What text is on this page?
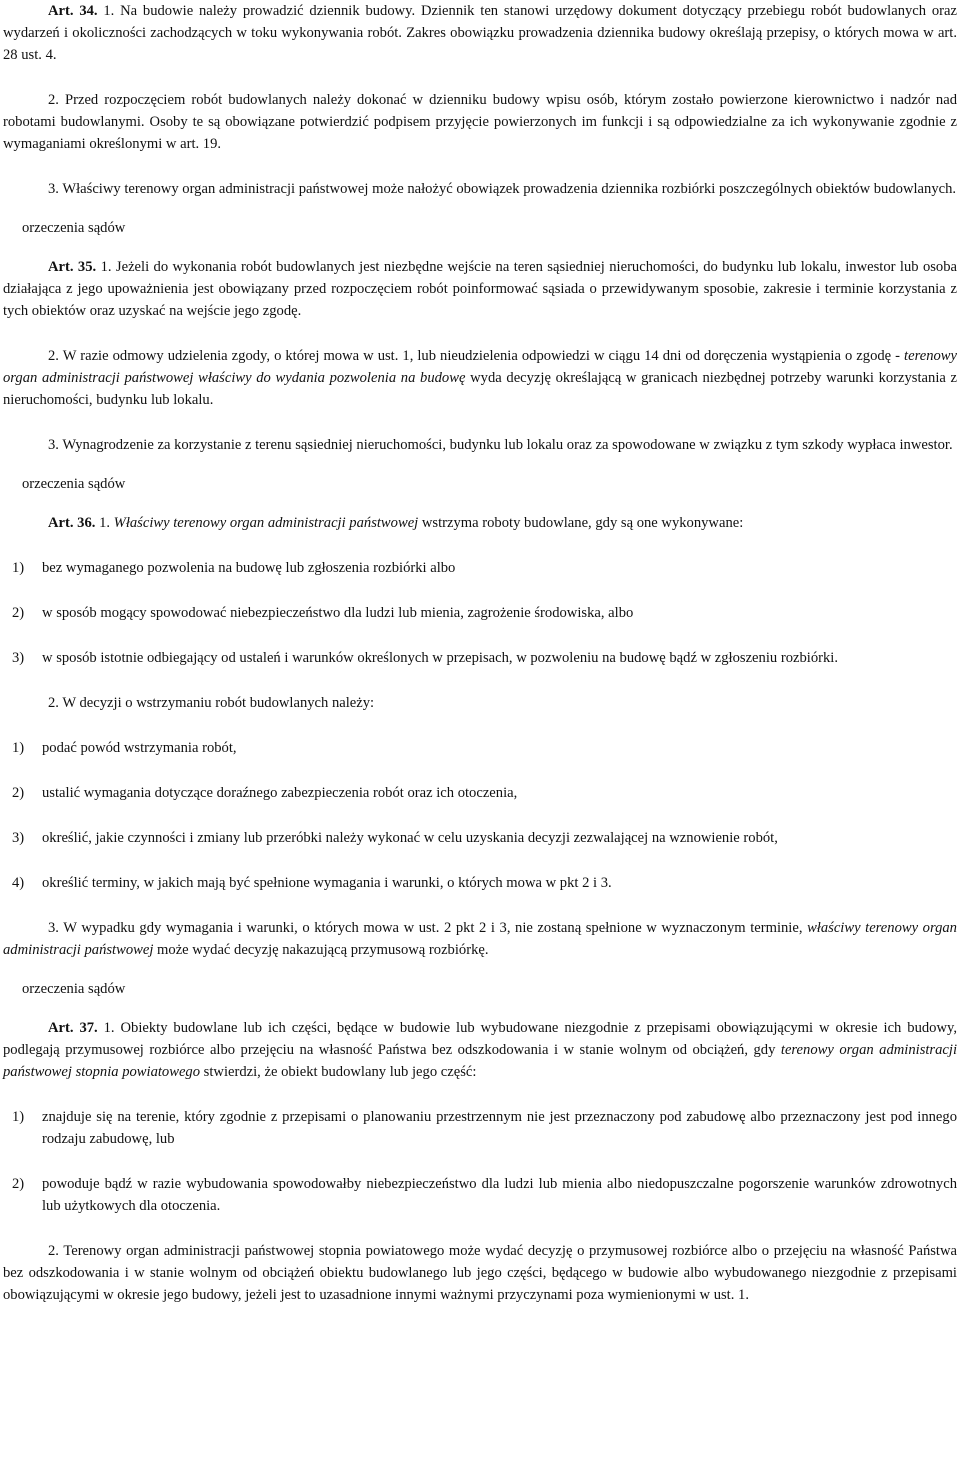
Art. 34. 1. Na budowie należy prowadzić dziennik budowy. Dziennik ten stanowi urzędowy dokument dotyczący przebiegu robót budowlanych oraz wydarzeń i okoliczności zachodzących w toku wykonywania robót. Zakres obowiązku prowadzenia dziennika budowy określają przepisy, o których mowa w art. 28 ust. 4.

2. Przed rozpoczęciem robót budowlanych należy dokonać w dzienniku budowy wpisu osób, którym zostało powierzone kierownictwo i nadzór nad robotami budowlanymi. Osoby te są obowiązane potwierdzić podpisem przyjęcie powierzonych im funkcji i są odpowiedzialne za ich wykonywanie zgodnie z wymaganiami określonymi w art. 19.

3. Właściwy terenowy organ administracji państwowej może nałożyć obowiązek prowadzenia dziennika rozbiórki poszczególnych obiektów budowlanych.

orzeczenia sądów

Art. 35. 1. Jeżeli do wykonania robót budowlanych jest niezbędne wejście na teren sąsiedniej nieruchomości, do budynku lub lokalu, inwestor lub osoba działająca z jego upoważnienia jest obowiązany przed rozpoczęciem robót poinformować sąsiada o przewidywanym sposobie, zakresie i terminie korzystania z tych obiektów oraz uzyskać na wejście jego zgodę.

2. W razie odmowy udzielenia zgody, o której mowa w ust. 1, lub nieudzielenia odpowiedzi w ciągu 14 dni od doręczenia wystąpienia o zgodę - terenowy organ administracji państwowej właściwy do wydania pozwolenia na budowę wyda decyzję określającą w granicach niezbędnej potrzeby warunki korzystania z nieruchomości, budynku lub lokalu.

3. Wynagrodzenie za korzystanie z terenu sąsiedniej nieruchomości, budynku lub lokalu oraz za spowodowane w związku z tym szkody wypłaca inwestor.

orzeczenia sądów

Art. 36. 1. Właściwy terenowy organ administracji państwowej wstrzyma roboty budowlane, gdy są one wykonywane:

1)	bez wymaganego pozwolenia na budowę lub zgłoszenia rozbiórki albo
2)	w sposób mogący spowodować niebezpieczeństwo dla ludzi lub mienia, zagrożenie środowiska, albo
3)	w sposób istotnie odbiegający od ustaleń i warunków określonych w przepisach, w pozwoleniu na budowę bądź w zgłoszeniu rozbiórki.

2. W decyzji o wstrzymaniu robót budowlanych należy:

1)	podać powód wstrzymania robót,
2)	ustalić wymagania dotyczące doraźnego zabezpieczenia robót oraz ich otoczenia,
3)	określić, jakie czynności i zmiany lub przeróbki należy wykonać w celu uzyskania decyzji zezwalającej na wznowienie robót,
4)	określić terminy, w jakich mają być spełnione wymagania i warunki, o których mowa w pkt 2 i 3.

3. W wypadku gdy wymagania i warunki, o których mowa w ust. 2 pkt 2 i 3, nie zostaną spełnione w wyznaczonym terminie, właściwy terenowy organ administracji państwowej może wydać decyzję nakazującą przymusową rozbiórkę.

orzeczenia sądów

Art. 37. 1. Obiekty budowlane lub ich części, będące w budowie lub wybudowane niezgodnie z przepisami obowiązującymi w okresie ich budowy, podlegają przymusowej rozbiórce albo przejęciu na własność Państwa bez odszkodowania i w stanie wolnym od obciążeń, gdy terenowy organ administracji państwowej stopnia powiatowego stwierdzi, że obiekt budowlany lub jego część:

1)	znajduje się na terenie, który zgodnie z przepisami o planowaniu przestrzennym nie jest przeznaczony pod zabudowę albo przeznaczony jest pod innego rodzaju zabudowę, lub
2)	powoduje bądź w razie wybudowania spowodowałby niebezpieczeństwo dla ludzi lub mienia albo niedopuszczalne pogorszenie warunków zdrowotnych lub użytkowych dla otoczenia.

2. Terenowy organ administracji państwowej stopnia powiatowego może wydać decyzję o przymusowej rozbiórce albo o przejęciu na własność Państwa bez odszkodowania i w stanie wolnym od obciążeń obiektu budowlanego lub jego części, będącego w budowie albo wybudowanego niezgodnie z przepisami obowiązującymi w okresie jego budowy, jeżeli jest to uzasadnione innymi ważnymi przyczynami poza wymienionymi w ust. 1.
